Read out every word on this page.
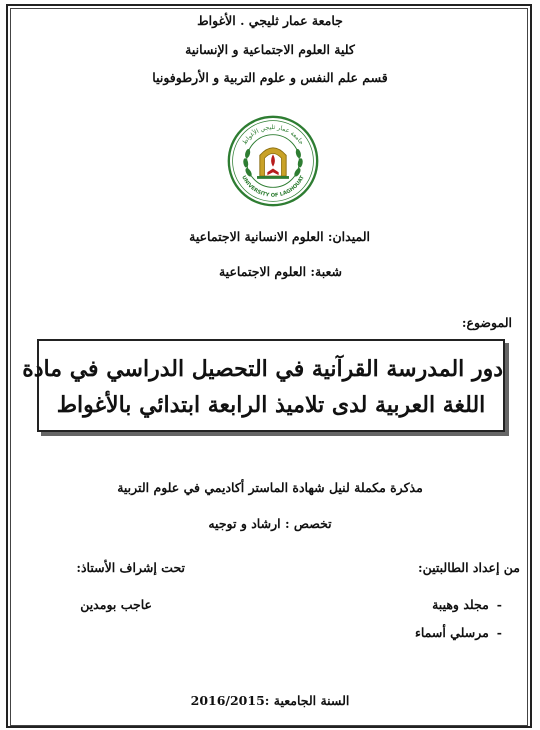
جامعة عمار ثليجي . الأغواط
كلية العلوم الاجتماعية و الإنسانية
قسم علم النفس و علوم التربية و الأرطوفونيا
جامعة عمار ثليجي الأغواط
UNIVERSITY OF LAGHOUAT
الميدان: العلوم الانسانية الاجتماعية
شعبة: العلوم الاجتماعية
الموضوع:
دور المدرسة القرآنية في التحصيل الدراسي في مادة
اللغة العربية لدى تلاميذ الرابعة ابتدائي بالأغواط
مذكرة مكملة لنيل شهادة الماستر أكاديمي في علوم التربية
تخصص : ارشاد و توجيه
من إعداد الطالبتين:
تحت إشراف الأستاذ:
-مجلد وهيبة
-مرسلي أسماء
عاجب بومدين
السنة الجامعية :2016/2015
